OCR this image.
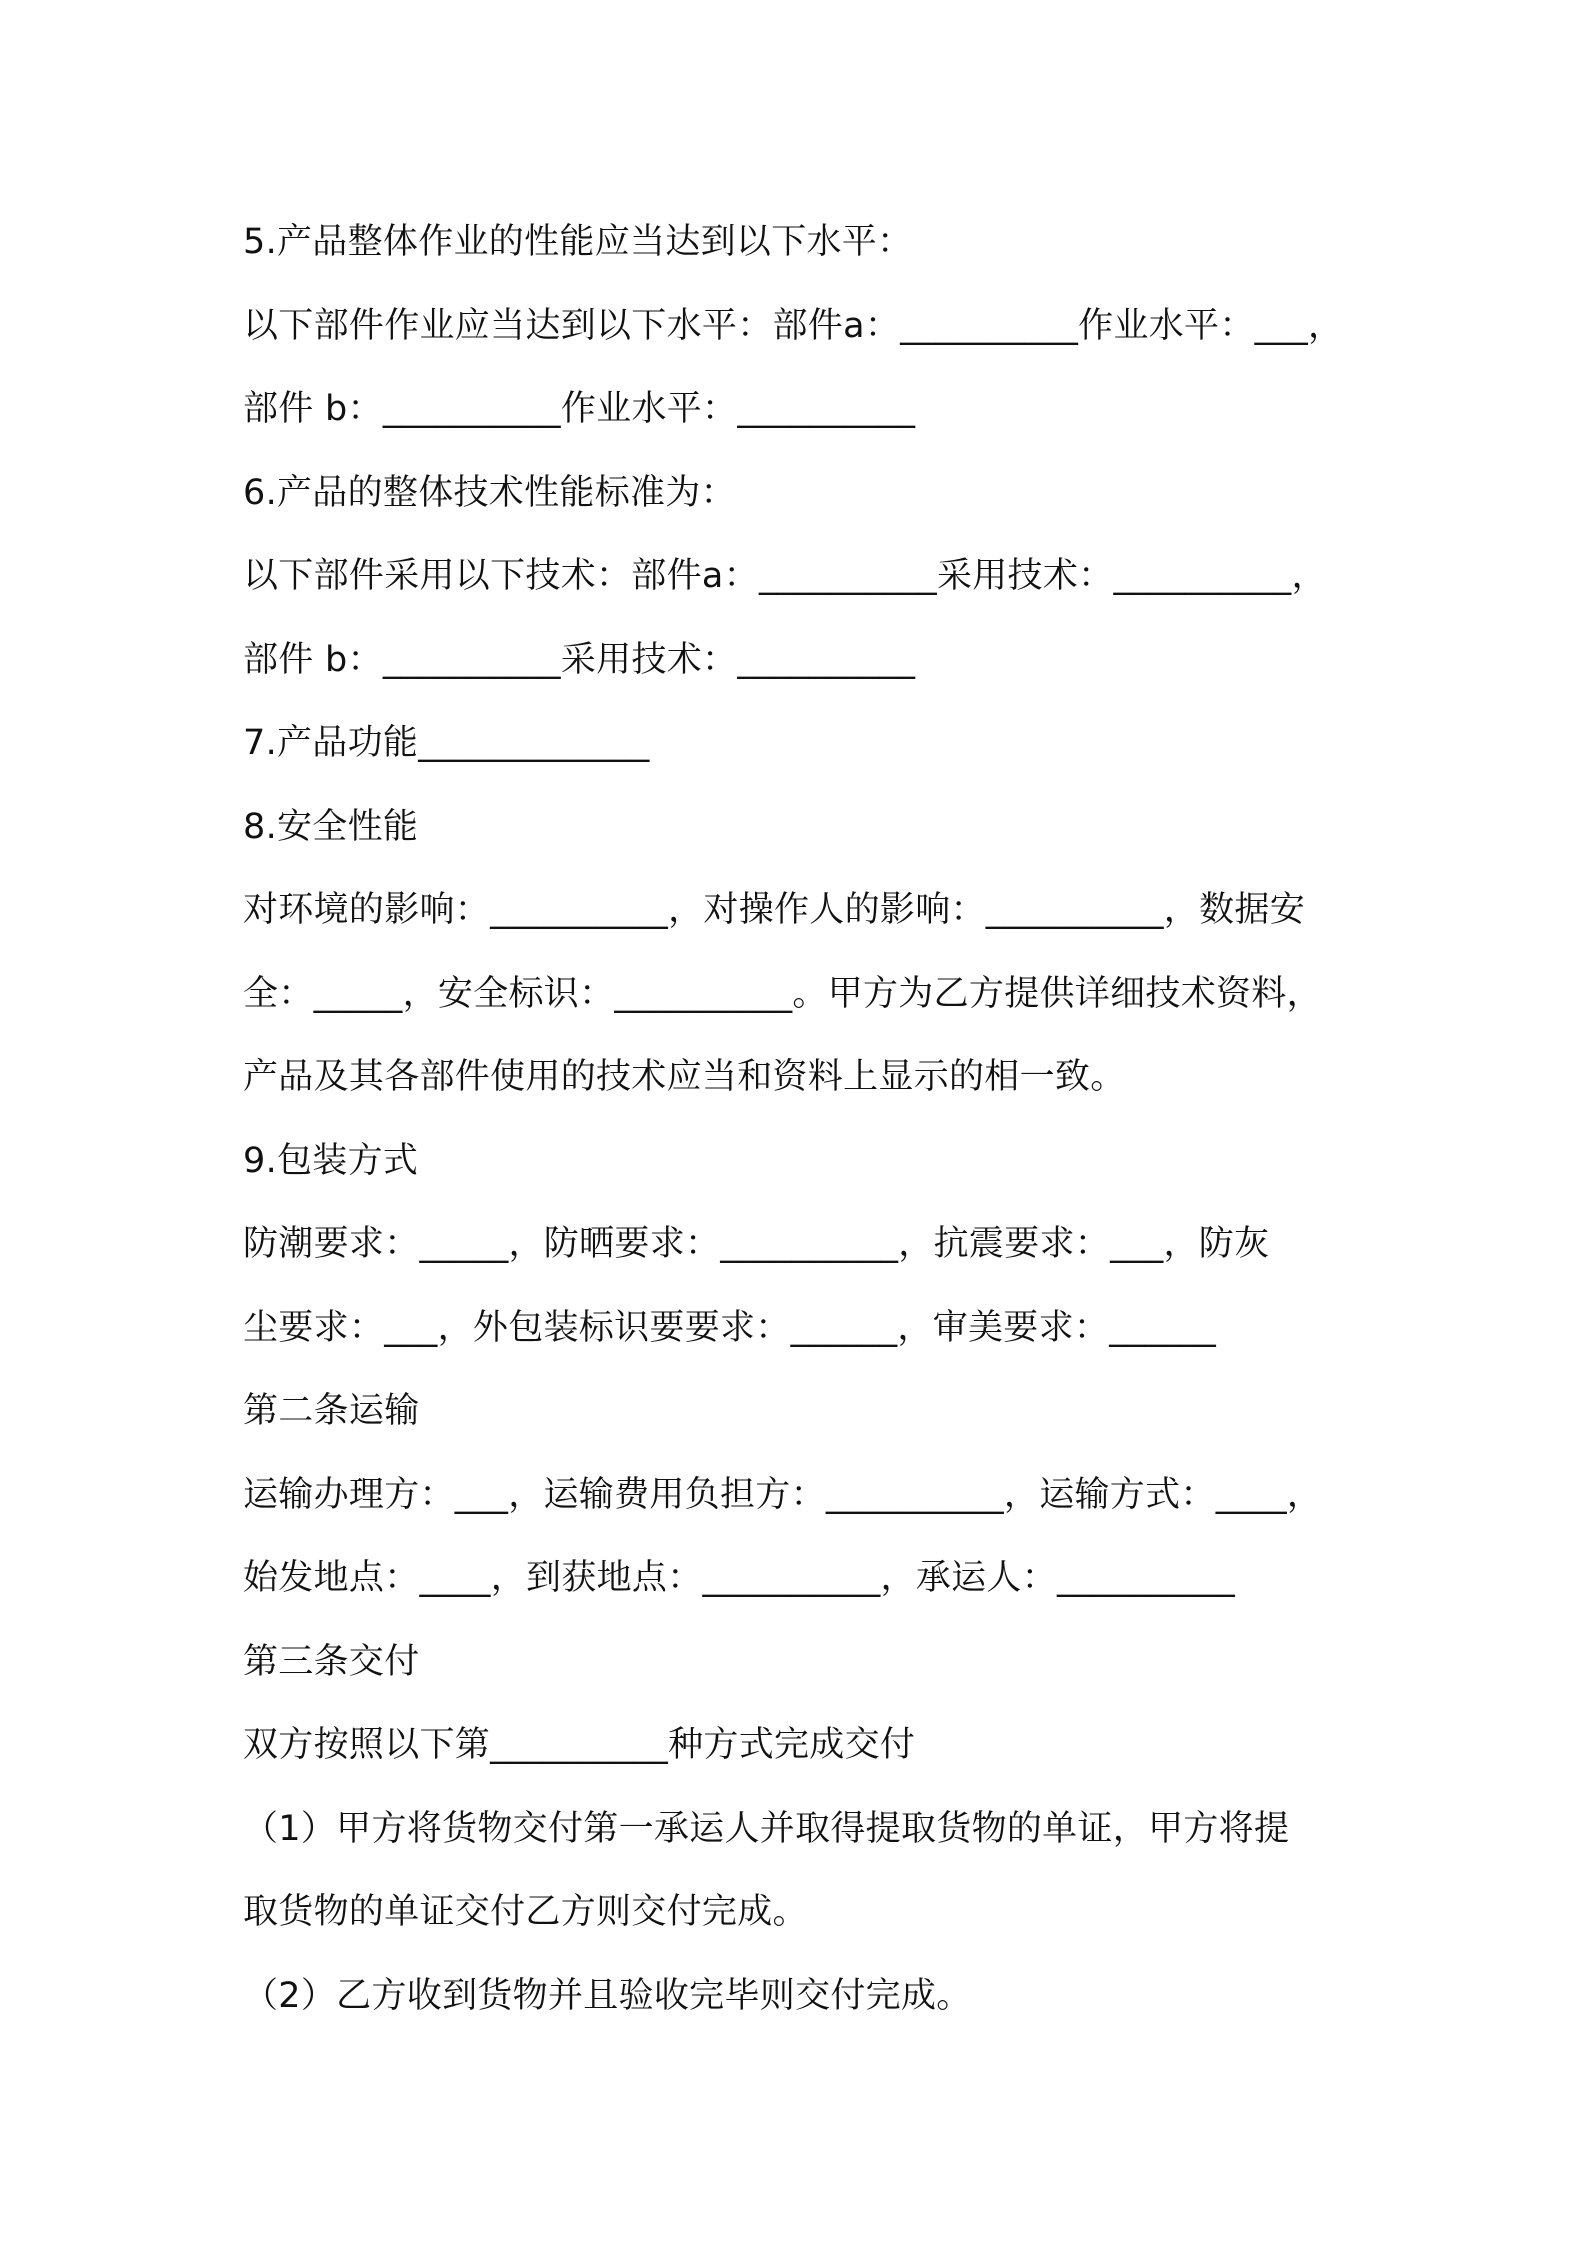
5.产品整体作业的性能应当达到以下水平：
以下部件作业应当达到以下水平：部件a：__________作业水平：___，
部件 b：__________作业水平：__________
6.产品的整体技术性能标准为：
以下部件采用以下技术：部件a：__________采用技术：__________，
部件 b：__________采用技术：__________
7.产品功能_____________
8.安全性能
对环境的影响：__________，对操作人的影响：__________，数据安
全：_____，安全标识：__________。甲方为乙方提供详细技术资料，
产品及其各部件使用的技术应当和资料上显示的相一致。
9.包装方式
防潮要求：_____，防晒要求：__________，抗震要求：___，防灰
尘要求：___，外包装标识要要求：______，审美要求：______
第二条运输
运输办理方：___，运输费用负担方：__________，运输方式：____，
始发地点：____，到获地点：__________，承运人：__________
第三条交付
双方按照以下第__________种方式完成交付
（1）甲方将货物交付第一承运人并取得提取货物的单证，甲方将提
取货物的单证交付乙方则交付完成。
（2）乙方收到货物并且验收完毕则交付完成。
